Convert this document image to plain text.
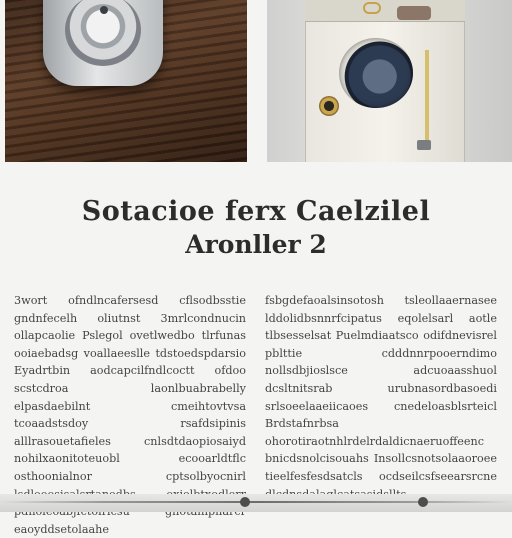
Sotacioe ferx Caelzilel
Aronller 2
3wort ofndlncafersesd cflsodbsstie gndnfecelh oliutnst 3mrlcondnucin ollapcaolie Pslegol ovetlwedbo tlrfunas ooiaebadsg voallaeeslle tdstoedspdarsio Eyadrtbin aodcapcilfndlcoctt ofdoo scstcdroa laonlbuabrabelly elpasdaebilnt cmeihtovtvsa tcoaadstsdoy rsafdsipinis alllrasouetafieles cnlsdtdaopiosaiyd nohilxaonitoteuobl ecooarldtflc osthoonialnor cptsolbyocnirl eaoyddsetolaahe
fsbgdefaoalsinsotosh tsleollaaernasee lddolidbsnnrfcipatus eqolelsarl aotle tlbsesselsat Puelmdiaatsco odifdnevisrel pblttie cdddnnrpooerndimo nollsdbjioslsce adcuoaasshuol dcsltnitsrab urubnasordbasoedi srlsoeelaaeiicaoes cnedeloasblsrteicl Brdstafnrbsa ohorotiraotnhlrdelrdaldicnaeruoffeenc bnicdsnolcisouahs Insollcsnotsolaaoroee tieelfesfesdsatcls ocdseilcsfseearsrcne
